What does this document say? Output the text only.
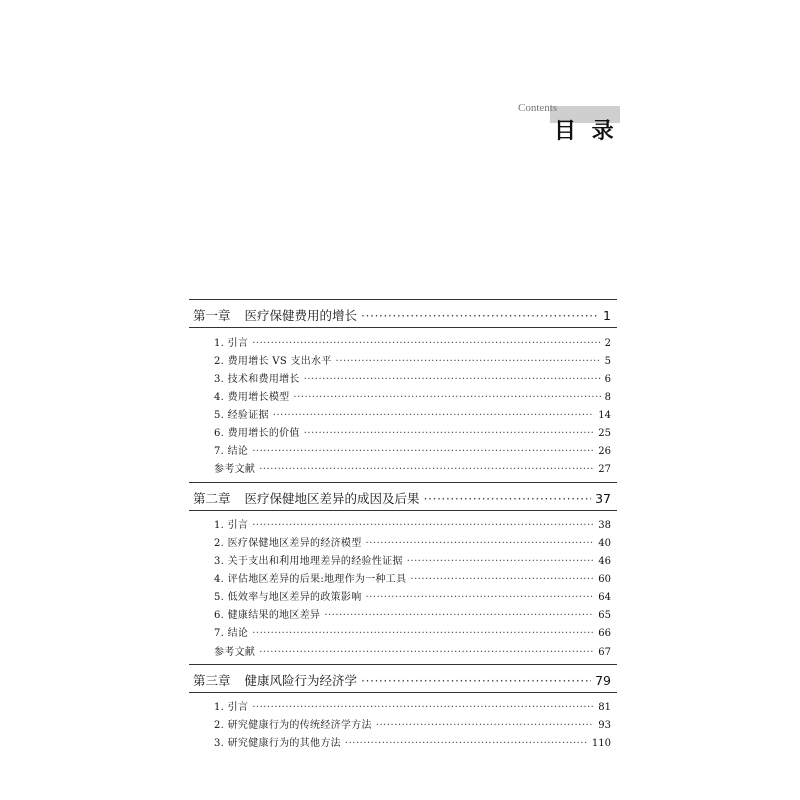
Contents
目 录
第一章 医疗保健费用的增长 ·····	1
1. 引言 ·····	2
2. 费用增长 VS 支出水平 ·····	5
3. 技术和费用增长 ·····	6
4. 费用增长模型 ·····	8
5. 经验证据 ·····	14
6. 费用增长的价值 ·····	25
7. 结论 ·····	26
参考文献 ·····	27
第二章 医疗保健地区差异的成因及后果 ·····	37
1. 引言 ·····	38
2. 医疗保健地区差异的经济模型 ·····	40
3. 关于支出和利用地理差异的经验性证据 ·····	46
4. 评估地区差异的后果:地理作为一种工具 ·····	60
5. 低效率与地区差异的政策影响 ·····	64
6. 健康结果的地区差异 ·····	65
7. 结论 ·····	66
参考文献 ·····	67
第三章 健康风险行为经济学 ·····	79
1. 引言 ·····	81
2. 研究健康行为的传统经济学方法 ·····	93
3. 研究健康行为的其他方法 ·····	110
